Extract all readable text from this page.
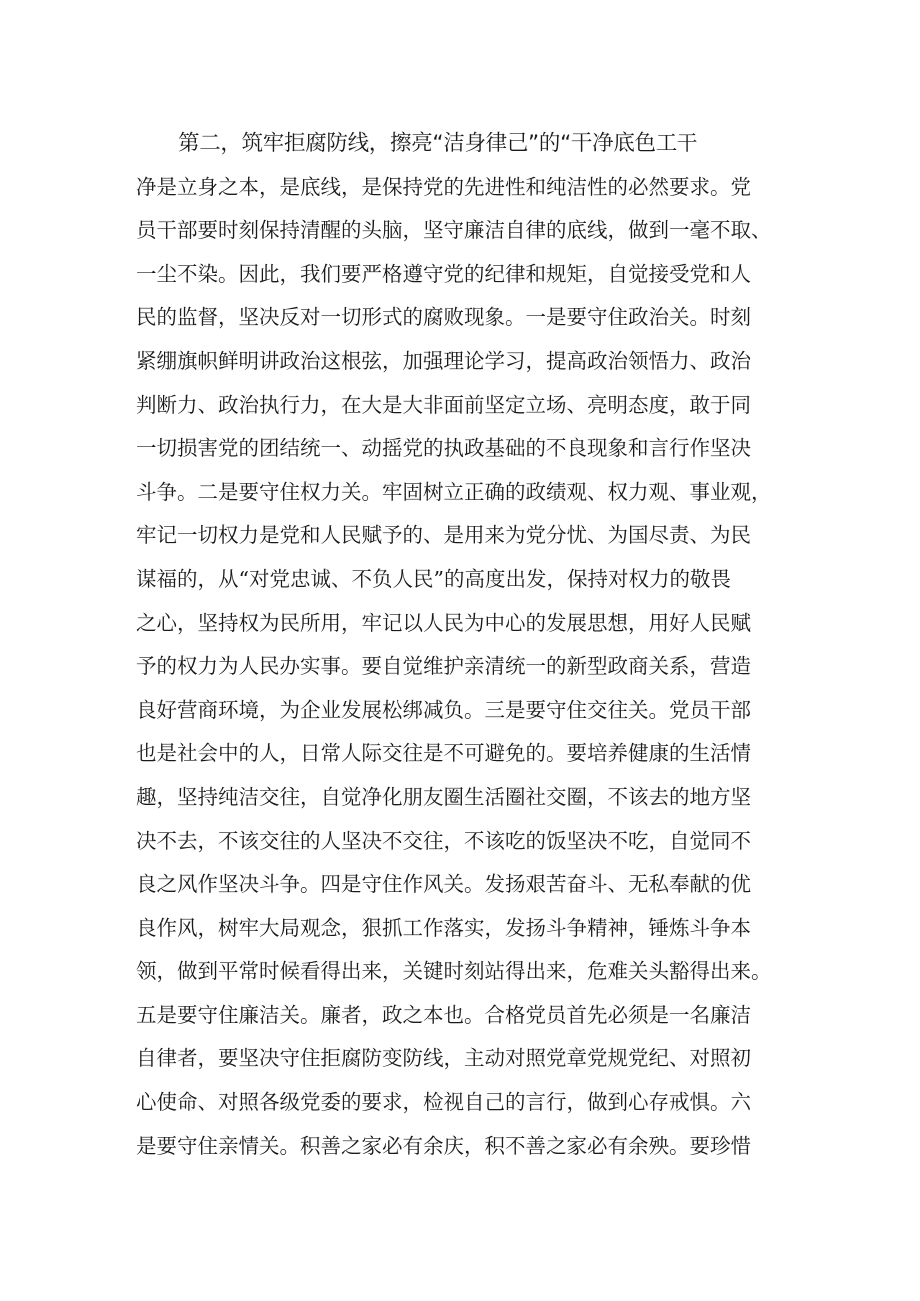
第二，筑牢拒腐防线，擦亮“洁身律己”的“干净底色工干
净是立身之本，是底线，是保持党的先进性和纯洁性的必然要求。党
员干部要时刻保持清醒的头脑，坚守廉洁自律的底线，做到一毫不取、
一尘不染。因此，我们要严格遵守党的纪律和规矩，自觉接受党和人
民的监督，坚决反对一切形式的腐败现象。一是要守住政治关。时刻
紧绷旗帜鲜明讲政治这根弦，加强理论学习，提高政治领悟力、政治
判断力、政治执行力，在大是大非面前坚定立场、亮明态度，敢于同
一切损害党的团结统一、动摇党的执政基础的不良现象和言行作坚决
斗争。二是要守住权力关。牢固树立正确的政绩观、权力观、事业观，
牢记一切权力是党和人民赋予的、是用来为党分忧、为国尽责、为民
谋福的，从“对党忠诚、不负人民”的高度出发，保持对权力的敬畏
之心，坚持权为民所用，牢记以人民为中心的发展思想，用好人民赋
予的权力为人民办实事。要自觉维护亲清统一的新型政商关系，营造
良好营商环境，为企业发展松绑减负。三是要守住交往关。党员干部
也是社会中的人，日常人际交往是不可避免的。要培养健康的生活情
趣，坚持纯洁交往，自觉净化朋友圈生活圈社交圈，不该去的地方坚
决不去，不该交往的人坚决不交往，不该吃的饭坚决不吃，自觉同不
良之风作坚决斗争。四是守住作风关。发扬艰苦奋斗、无私奉献的优
良作风，树牢大局观念，狠抓工作落实，发扬斗争精神，锤炼斗争本
领，做到平常时候看得出来，关键时刻站得出来，危难关头豁得出来。
五是要守住廉洁关。廉者，政之本也。合格党员首先必须是一名廉洁
自律者，要坚决守住拒腐防变防线，主动对照党章党规党纪、对照初
心使命、对照各级党委的要求，检视自己的言行，做到心存戒惧。六
是要守住亲情关。积善之家必有余庆，积不善之家必有余殃。要珍惜
